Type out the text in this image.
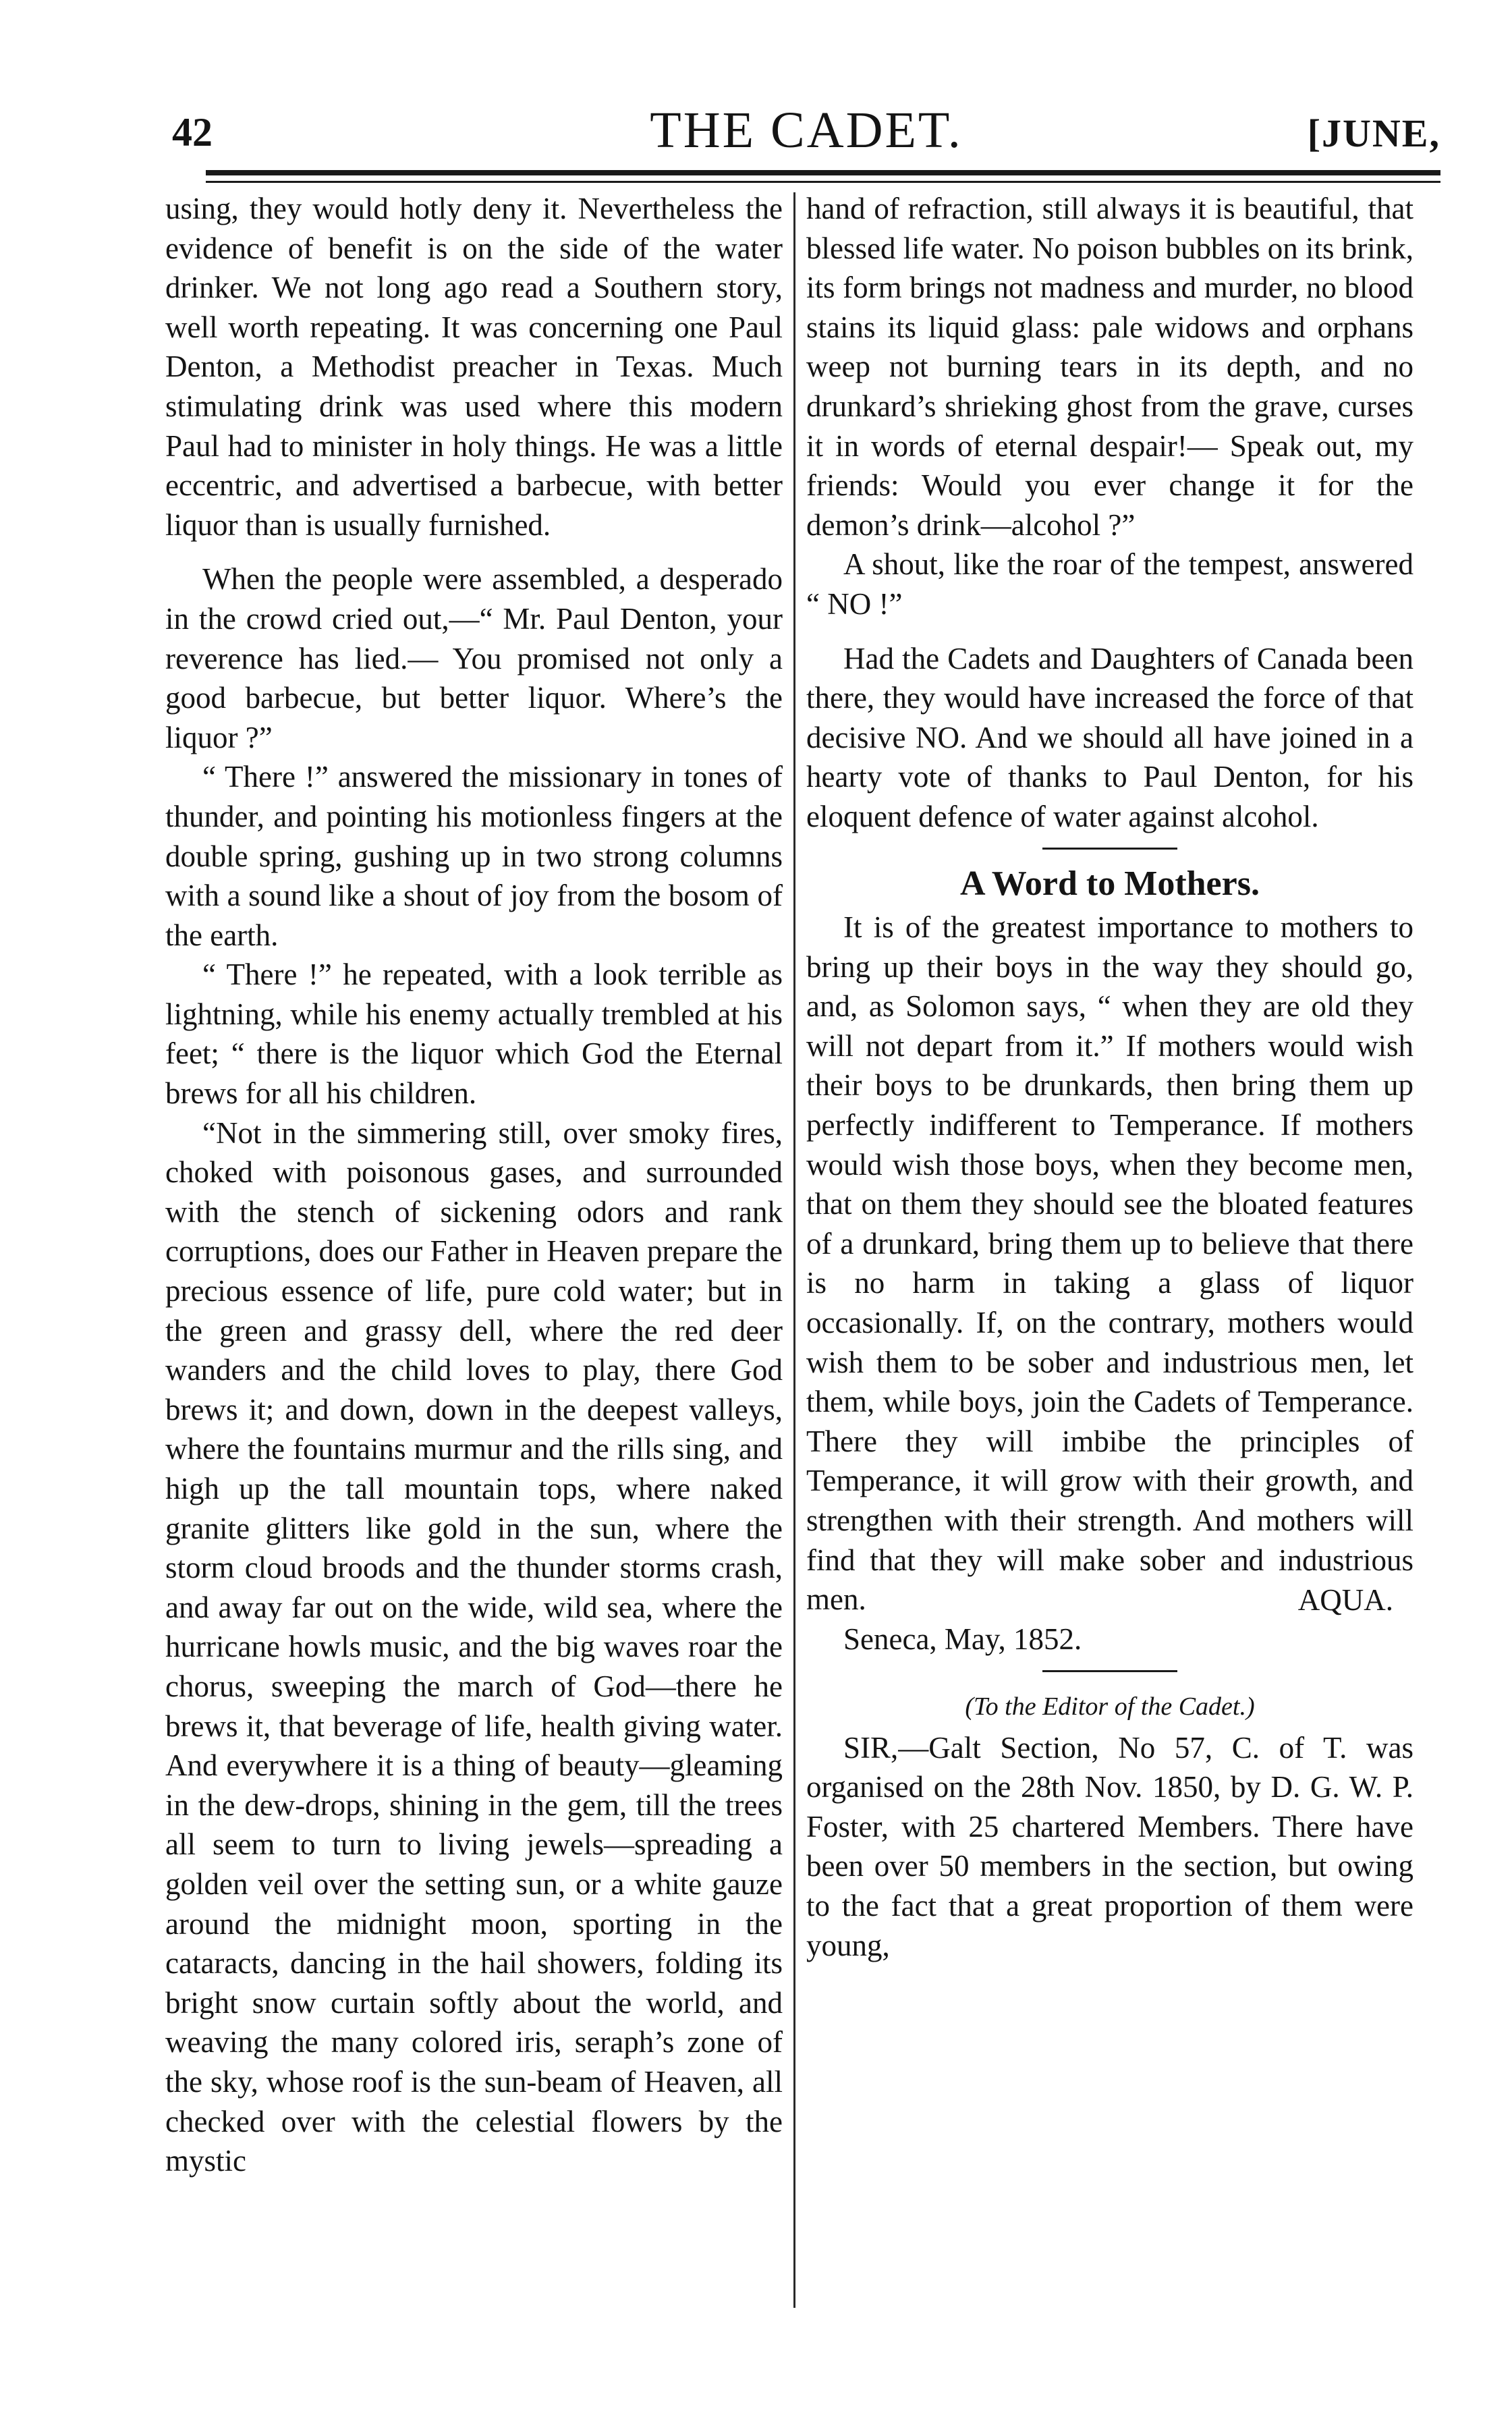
42	THE CADET.	[JUNE,

using, they would hotly deny it. Nevertheless the evidence of benefit is on the side of the water drinker. We not long ago read a Southern story, well worth repeating. It was concerning one Paul Denton, a Methodist preacher in Texas. Much stimulating drink was used where this modern Paul had to minister in holy things. He was a little eccentric, and advertised a barbecue, with better liquor than is usually furnished.

When the people were assembled, a desperado in the crowd cried out,—“ Mr. Paul Denton, your reverence has lied.— You promised not only a good barbecue, but better liquor. Where’s the liquor ?”

“ There !” answered the missionary in tones of thunder, and pointing his motionless fingers at the double spring, gushing up in two strong columns with a sound like a shout of joy from the bosom of the earth.

“ There !” he repeated, with a look terrible as lightning, while his enemy actually trembled at his feet; “ there is the liquor which God the Eternal brews for all his children.

“Not in the simmering still, over smoky fires, choked with poisonous gases, and surrounded with the stench of sickening odors and rank corruptions, does our Father in Heaven prepare the precious essence of life, pure cold water; but in the green and grassy dell, where the red deer wanders and the child loves to play, there God brews it; and down, down in the deepest valleys, where the fountains murmur and the rills sing, and high up the tall mountain tops, where naked granite glitters like gold in the sun, where the storm cloud broods and the thunder storms crash, and away far out on the wide, wild sea, where the hurricane howls music, and the big waves roar the chorus, sweeping the march of God—there he brews it, that beverage of life, health giving water. And everywhere it is a thing of beauty—gleaming in the dew-drops, shining in the gem, till the trees all seem to turn to living jewels—spreading a golden veil over the setting sun, or a white gauze around the midnight moon, sporting in the cataracts, dancing in the hail showers, folding its bright snow curtain softly about the world, and weaving the many colored iris, seraph’s zone of the sky, whose roof is the sun-beam of Heaven, all checked over with the celestial flowers by the mystic

hand of refraction, still always it is beautiful, that blessed life water. No poison bubbles on its brink, its form brings not madness and murder, no blood stains its liquid glass: pale widows and orphans weep not burning tears in its depth, and no drunkard’s shrieking ghost from the grave, curses it in words of eternal despair!— Speak out, my friends: Would you ever change it for the demon’s drink—alcohol ?”

A shout, like the roar of the tempest, answered “ NO !”

Had the Cadets and Daughters of Canada been there, they would have increased the force of that decisive NO. And we should all have joined in a hearty vote of thanks to Paul Denton, for his eloquent defence of water against alcohol.

A Word to Mothers.

It is of the greatest importance to mothers to bring up their boys in the way they should go, and, as Solomon says, “ when they are old they will not depart from it.” If mothers would wish their boys to be drunkards, then bring them up perfectly indifferent to Temperance. If mothers would wish those boys, when they become men, that on them they should see the bloated features of a drunkard, bring them up to believe that there is no harm in taking a glass of liquor occasionally. If, on the contrary, mothers would wish them to be sober and industrious men, let them, while boys, join the Cadets of Temperance. There they will imbibe the principles of Temperance, it will grow with their growth, and strengthen with their strength. And mothers will find that they will make sober and industrious men.	AQUA.

Seneca, May, 1852.

(To the Editor of the Cadet.)

SIR,—Galt Section, No 57, C. of T. was organised on the 28th Nov. 1850, by D. G. W. P. Foster, with 25 chartered Members. There have been over 50 members in the section, but owing to the fact that a great proportion of them were young,
